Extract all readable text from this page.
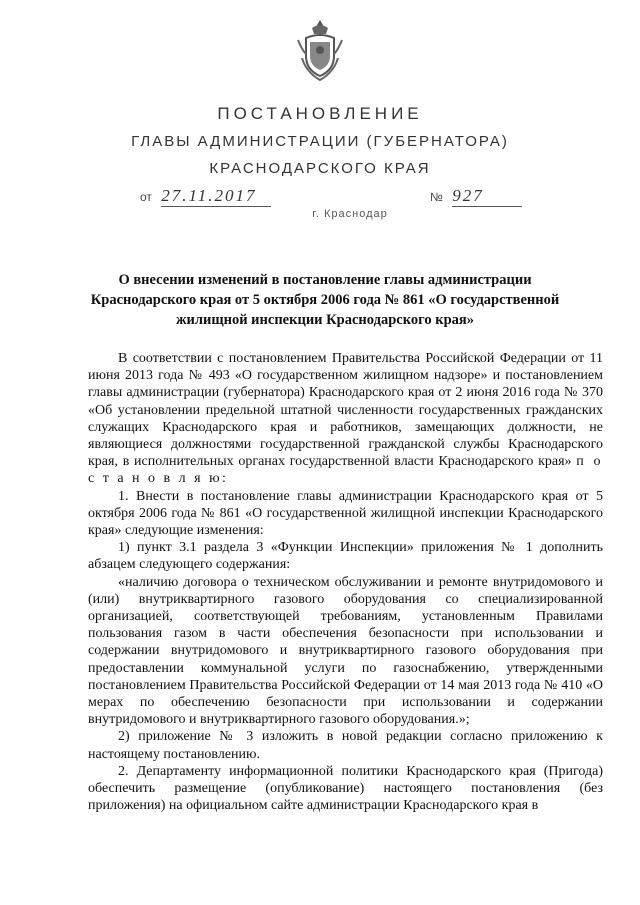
ПОСТАНОВЛЕНИЕ
ГЛАВЫ АДМИНИСТРАЦИИ (ГУБЕРНАТОРА)
КРАСНОДАРСКОГО КРАЯ
от 27.11.2017	№ 927
г. Краснодар
О внесении изменений в постановление главы администрации Краснодарского края от 5 октября 2006 года № 861 «О государственной жилищной инспекции Краснодарского края»

В соответствии с постановлением Правительства Российской Федерации от 11 июня 2013 года № 493 «О государственном жилищном надзоре» и постановлением главы администрации (губернатора) Краснодарского края от 2 июня 2016 года № 370 «Об установлении предельной штатной численности государственных гражданских служащих Краснодарского края и работников, замещающих должности, не являющиеся должностями государственной гражданской службы Краснодарского края, в исполнительных органах государственной власти Краснодарского края» п о с т а н о в л я ю:

1. Внести в постановление главы администрации Краснодарского края от 5 октября 2006 года № 861 «О государственной жилищной инспекции Краснодарского края» следующие изменения:

1) пункт 3.1 раздела 3 «Функции Инспекции» приложения № 1 дополнить абзацем следующего содержания:

«наличию договора о техническом обслуживании и ремонте внутридомового и (или) внутриквартирного газового оборудования со специализированной организацией, соответствующей требованиям, установленным Правилами пользования газом в части обеспечения безопасности при использовании и содержании внутридомового и внутриквартирного газового оборудования при предоставлении коммунальной услуги по газоснабжению, утвержденными постановлением Правительства Российской Федерации от 14 мая 2013 года № 410 «О мерах по обеспечению безопасности при использовании и содержании внутридомового и внутриквартирного газового оборудования.»;

2) приложение № 3 изложить в новой редакции согласно приложению к настоящему постановлению.

2. Департаменту информационной политики Краснодарского края (Пригода) обеспечить размещение (опубликование) настоящего постановления (без приложения) на официальном сайте администрации Краснодарского края в
